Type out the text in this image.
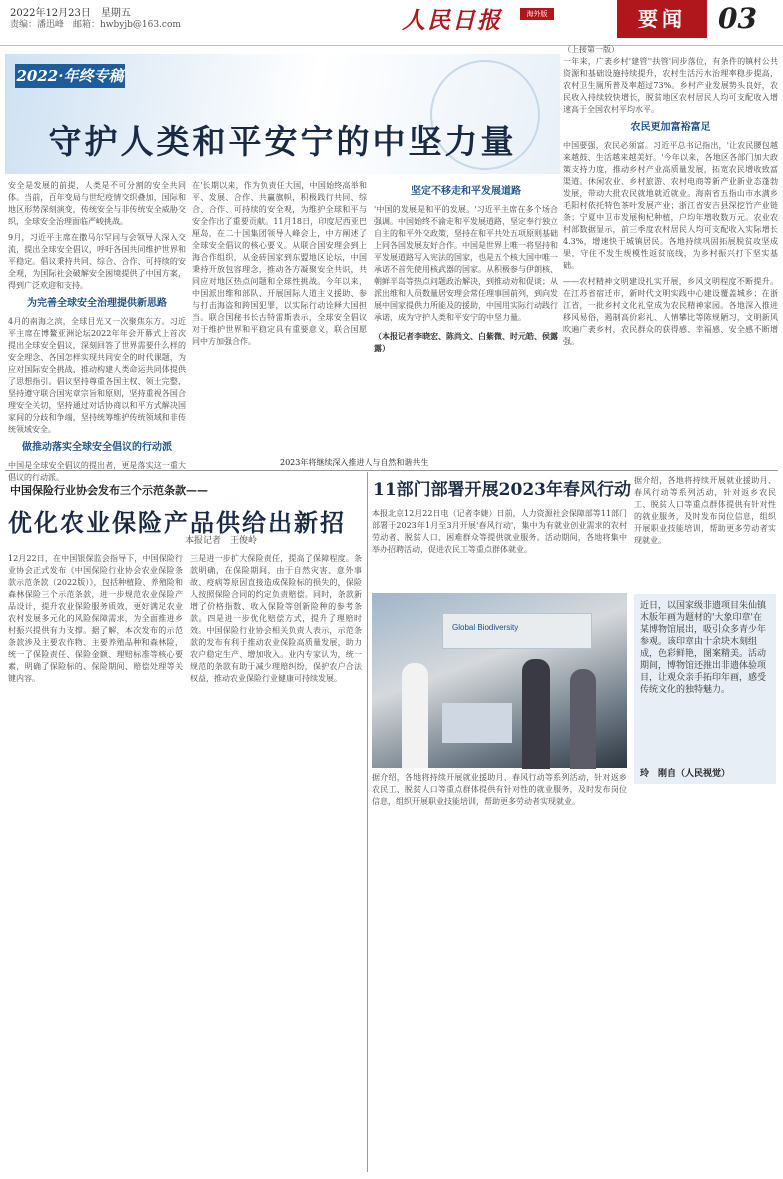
2022年12月23日　星期五
责编：潘迅峰　邮箱：hwbyjb@163.com	人民日报	海外版	要闻	03
2022·年终专稿
守护人类和平安宁的中坚力量

安全是发展的前提，人类是不可分割的安全共同体。当前，百年变局与世纪疫情交织叠加，国际和地区形势深刻演变，传统安全与非传统安全威胁交织，全球安全治理面临严峻挑战。

9月，习近平主席在撒马尔罕同与会领导人深入交流，提出全球安全倡议，呼吁各国共同维护世界和平稳定。倡议秉持共同、综合、合作、可持续的安全观，为国际社会破解安全困境提供了中国方案，得到广泛欢迎和支持。

为完善全球安全治理提供新思路

4月的南海之滨，全球目光又一次聚焦东方。习近平主席在博鳌亚洲论坛2022年年会开幕式上首次提出全球安全倡议，深刻回答了世界需要什么样的安全理念、各国怎样实现共同安全的时代课题，为应对国际安全挑战、推动构建人类命运共同体提供了思想指引。倡议坚持尊重各国主权、领土完整，坚持遵守联合国宪章宗旨和原则，坚持重视各国合理安全关切，坚持通过对话协商以和平方式解决国家间的分歧和争端，坚持统筹维护传统领域和非传统领域安全。

做推动落实全球安全倡议的行动派

中国是全球安全倡议的提出者，更是落实这一重大倡议的行动派。

在'长期以来，作为负责任大国，中国始终高举和平、发展、合作、共赢旗帜，积极践行共同、综合、合作、可持续的安全观，为维护全球和平与安全作出了重要贡献。11月18日，印度尼西亚巴厘岛，在二十国集团领导人峰会上，中方阐述了全球安全倡议的核心要义。从联合国安理会到上海合作组织，从金砖国家到东盟地区论坛，中国秉持开放包容理念，推动各方凝聚安全共识，共同应对地区热点问题和全球性挑战。今年以来，中国派出维和部队、开展国际人道主义援助、参与打击海盗和跨国犯罪，以实际行动诠释大国担当。联合国秘书长古特雷斯表示，全球安全倡议对于维护世界和平稳定具有重要意义，联合国愿同中方加强合作。

坚定不移走和平发展道路

'中国的发展是和平的发展。'习近平主席在多个场合强调。中国始终不渝走和平发展道路，坚定奉行独立自主的和平外交政策，坚持在和平共处五项原则基础上同各国发展友好合作。中国是世界上唯一将坚持和平发展道路写入宪法的国家，也是五个核大国中唯一承诺不首先使用核武器的国家。从积极参与伊朗核、朝鲜半岛等热点问题政治解决，到推动劝和促谈；从派出维和人员数量居安理会常任理事国前列，到向发展中国家提供力所能及的援助，中国用实际行动践行承诺，成为守护人类和平安宁的中坚力量。

（本报记者李晓宏、陈尚文、白紫微、时元皓、侯露露）

（上接第一版）

一年来，广袤乡村'建管''扶管'同步落位，有条件的镇村公共资源和基础设施持续提升，农村生活污水治理率稳步提高，农村卫生厕所普及率超过73%。乡村产业发展势头良好，农民收入持续较快增长，脱贫地区农村居民人均可支配收入增速高于全国农村平均水平。

农民更加富裕富足

中国要强，农民必须富。习近平总书记指出，'让农民腰包越来越鼓、生活越来越美好。'今年以来，各地区各部门加大政策支持力度，推动乡村产业高质量发展，拓宽农民增收致富渠道。休闲农业、乡村旅游、农村电商等新产业新业态蓬勃发展，带动大批农民就地就近就业。海南省五指山市水满乡毛阳村依托特色茶叶发展产业；浙江省安吉县深挖竹产业链条；宁夏中卫市发展枸杞种植，户均年增收数万元。农业农村部数据显示，前三季度农村居民人均可支配收入实际增长4.3%，增速快于城镇居民。各地持续巩固拓展脱贫攻坚成果，守住不发生规模性返贫底线，为乡村振兴打下坚实基础。

——农村精神文明建设扎实开展，乡风文明程度不断提升。在江苏省宿迁市，新时代文明实践中心建设覆盖城乡；在浙江省，一批乡村文化礼堂成为农民精神家园。各地深入推进移风易俗，遏制高价彩礼、人情攀比等陈规陋习，文明新风吹遍广袤乡村，农民群众的获得感、幸福感、安全感不断增强。

中国保险行业协会发布三个示范条款——
优化农业保险产品供给出新招
本报记者　王俊岭

12月22日，在中国银保监会指导下，中国保险行业协会正式发布《中国保险行业协会农业保险条款示范条款（2022版）》，包括种植险、养殖险和森林保险三个示范条款，进一步规范农业保险产品设计，提升农业保险服务质效，更好满足农业农村发展多元化的风险保障需求，为全面推进乡村振兴提供有力支撑。据了解，本次发布的示范条款涉及主要农作物、主要养殖品种和森林险，统一了保险责任、保险金额、理赔标准等核心要素，明确了保险标的、保险期间、赔偿处理等关键内容。

三是进一步扩大保险责任，提高了保障程度。条款明确，在保险期间，由于自然灾害、意外事故、疫病等原因直接造成保险标的损失的，保险人按照保险合同的约定负责赔偿。同时，条款新增了价格指数、收入保险等创新险种的参考条款。四是进一步优化赔偿方式，提升了理赔时效。中国保险行业协会相关负责人表示，示范条款的发布有利于推动农业保险高质量发展，助力农户稳定生产、增加收入。业内专家认为，统一规范的条款有助于减少理赔纠纷，保护农户合法权益，推动农业保险行业健康可持续发展。

11部门部署开展2023年春风行动

本报北京12月22日电（记者李婕）日前，人力资源社会保障部等11部门部署于2023年1月至3月开展'春风行动'，集中为有就业创业需求的农村劳动者、脱贫人口、困难群众等提供就业服务。活动期间，各地将集中举办招聘活动，促进农民工等重点群体就业。

Global Biodiversity

据介绍，各地将持续开展就业援助月、春风行动等系列活动，针对返乡农民工、脱贫人口等重点群体提供有针对性的就业服务，及时发布岗位信息，组织开展职业技能培训，帮助更多劳动者实现就业。

据介绍，各地将持续开展就业援助月、春风行动等系列活动，针对返乡农民工、脱贫人口等重点群体提供有针对性的就业服务，及时发布岗位信息，组织开展职业技能培训，帮助更多劳动者实现就业。

近日，以国家级非遗项目朱仙镇木版年画为题材的'大象印章'在某博物馆展出，吸引众多青少年参观。该印章由十余块木刻组成，色彩鲜艳，图案精美。活动期间，博物馆还推出非遗体验项目，让观众亲手拓印年画，感受传统文化的独特魅力。

玲　刚自（人民视觉）
2023年将继续深入推进人与自然和谐共生
